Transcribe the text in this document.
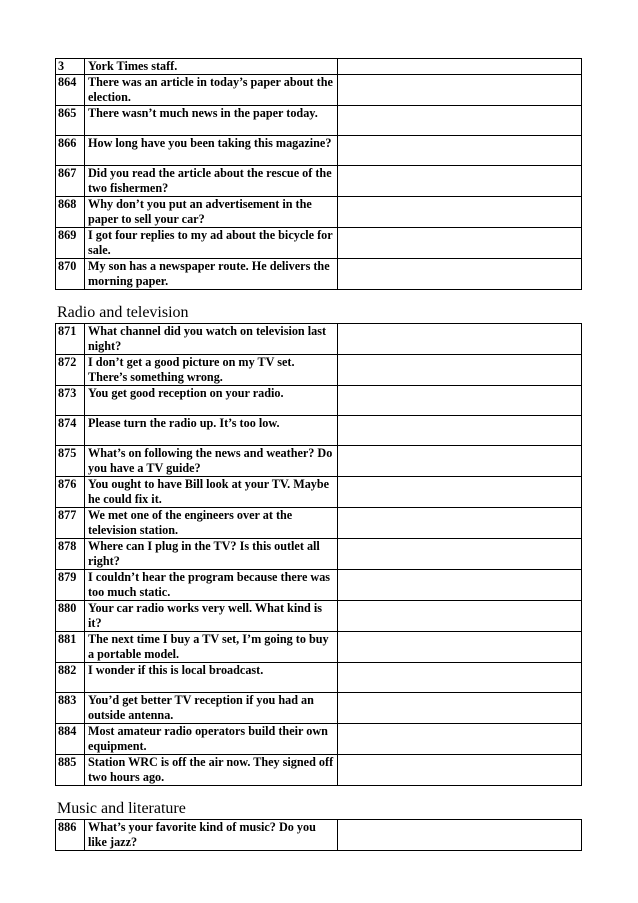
3	York Times staff.	
864	There was an article in today’s paper about the election.	
865	There wasn’t much news in the paper today.	
866	How long have you been taking this magazine?	
867	Did you read the article about the rescue of the two fishermen?	
868	Why don’t you put an advertisement in the paper to sell your car?	
869	I got four replies to my ad about the bicycle for sale.	
870	My son has a newspaper route. He delivers the morning paper.	
Radio and television
871	What channel did you watch on television last night?	
872	I don’t get a good picture on my TV set. There’s something wrong.	
873	You get good reception on your radio.	
874	Please turn the radio up. It’s too low.	
875	What’s on following the news and weather? Do you have a TV guide?	
876	You ought to have Bill look at your TV. Maybe he could fix it.	
877	We met one of the engineers over at the television station.	
878	Where can I plug in the TV? Is this outlet all right?	
879	I couldn’t hear the program because there was too much static.	
880	Your car radio works very well. What kind is it?	
881	The next time I buy a TV set, I’m going to buy a portable model.	
882	I wonder if this is local broadcast.	
883	You’d get better TV reception if you had an outside antenna.	
884	Most amateur radio operators build their own equipment.	
885	Station WRC is off the air now. They signed off two hours ago.	
Music and literature
886	What’s your favorite kind of music? Do you like jazz?	
